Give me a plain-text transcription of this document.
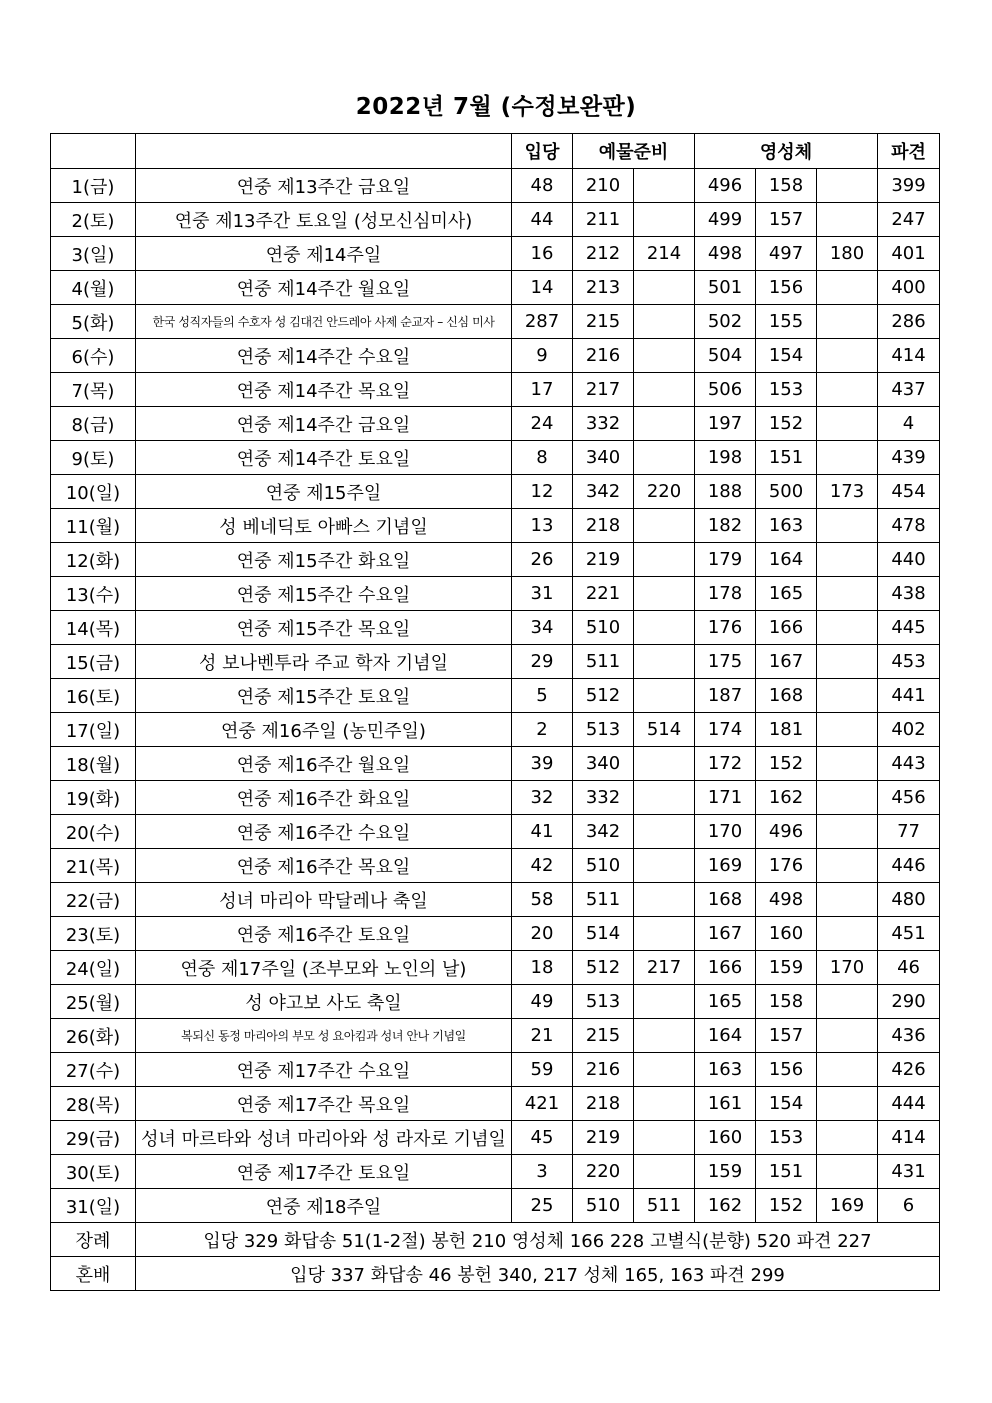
2022년 7월 (수정보완판)
		입당	예물준비		영성체			파견
1(금)	연중 제13주간 금요일	48	210		496	158		399
2(토)	연중 제13주간 토요일 (성모신심미사)	44	211		499	157		247
3(일)	연중 제14주일	16	212	214	498	497	180	401
4(월)	연중 제14주간 월요일	14	213		501	156		400
5(화)	한국 성직자들의 수호자 성 김대건 안드레아 사제 순교자 – 신심 미사	287	215		502	155		286
6(수)	연중 제14주간 수요일	9	216		504	154		414
7(목)	연중 제14주간 목요일	17	217		506	153		437
8(금)	연중 제14주간 금요일	24	332		197	152		4
9(토)	연중 제14주간 토요일	8	340		198	151		439
10(일)	연중 제15주일	12	342	220	188	500	173	454
11(월)	성 베네딕토 아빠스 기념일	13	218		182	163		478
12(화)	연중 제15주간 화요일	26	219		179	164		440
13(수)	연중 제15주간 수요일	31	221		178	165		438
14(목)	연중 제15주간 목요일	34	510		176	166		445
15(금)	성 보나벤투라 주교 학자 기념일	29	511		175	167		453
16(토)	연중 제15주간 토요일	5	512		187	168		441
17(일)	연중 제16주일 (농민주일)	2	513	514	174	181		402
18(월)	연중 제16주간 월요일	39	340		172	152		443
19(화)	연중 제16주간 화요일	32	332		171	162		456
20(수)	연중 제16주간 수요일	41	342		170	496		77
21(목)	연중 제16주간 목요일	42	510		169	176		446
22(금)	성녀 마리아 막달레나 축일	58	511		168	498		480
23(토)	연중 제16주간 토요일	20	514		167	160		451
24(일)	연중 제17주일 (조부모와 노인의 날)	18	512	217	166	159	170	46
25(월)	성 야고보 사도 축일	49	513		165	158		290
26(화)	복되신 동정 마리아의 부모 성 요아킴과 성녀 안나 기념일	21	215		164	157		436
27(수)	연중 제17주간 수요일	59	216		163	156		426
28(목)	연중 제17주간 목요일	421	218		161	154		444
29(금)	성녀 마르타와 성녀 마리아와 성 라자로 기념일	45	219		160	153		414
30(토)	연중 제17주간 토요일	3	220		159	151		431
31(일)	연중 제18주일	25	510	511	162	152	169	6
장례	입당 329 화답송 51(1-2절) 봉헌 210 영성체 166 228 고별식(분향) 520 파견 227							
혼배	입당 337 화답송 46 봉헌 340, 217 성체 165, 163 파견 299							
